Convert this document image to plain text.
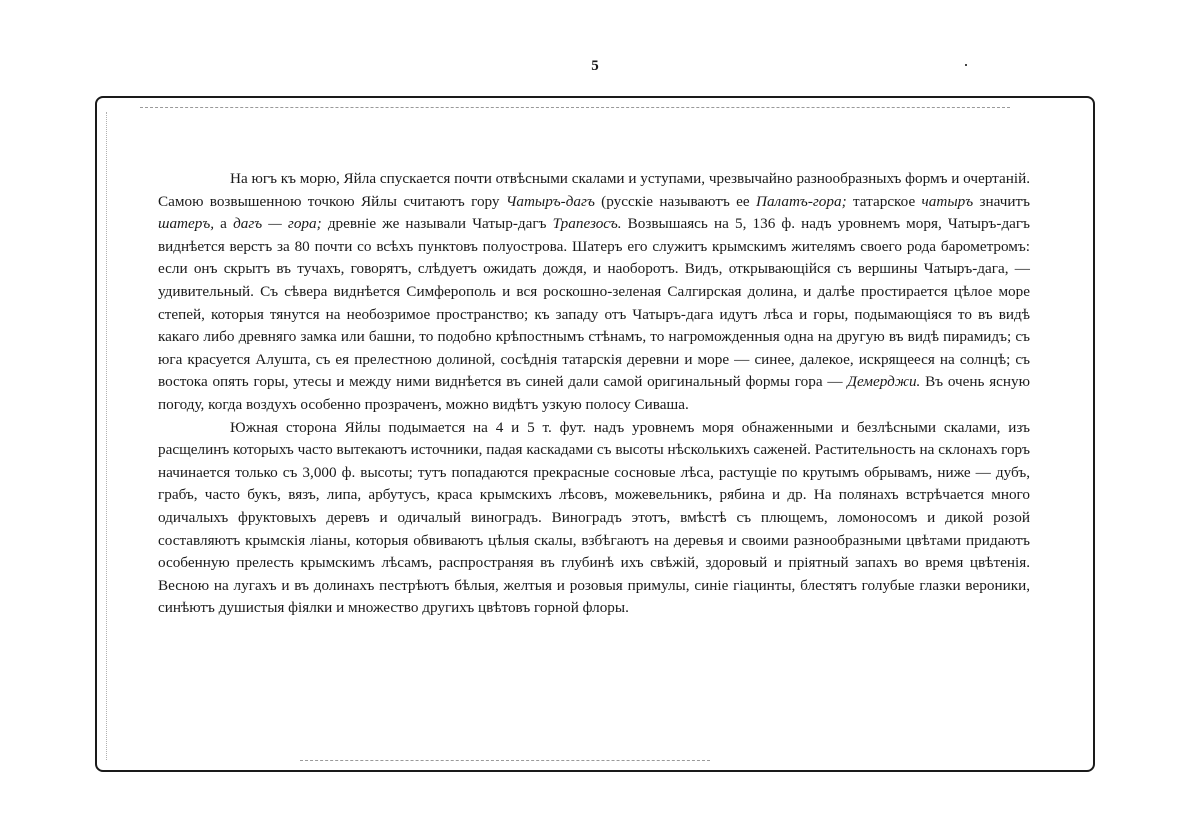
5

На югъ къ морю, Яйла спускается почти отвѣсными скалами и уступами, чрезвычайно разнообразныхъ формъ и очертаній. Самою возвышенною точкою Яйлы считаютъ гору Чатыръ-дагъ (русскіе называютъ ее Палатъ-гора; татарское чатыръ значитъ шатеръ, а дагъ — гора; древніе же называли Чатыр-дагъ Трапезосъ. Возвышаясь на 5, 136 ф. надъ уровнемъ моря, Чатыръ-дагъ виднѣется верстъ за 80 почти со всѣхъ пунктовъ полуострова. Шатеръ его служитъ крымскимъ жителямъ своего рода барометромъ: если онъ скрытъ въ тучахъ, говорятъ, слѣдуетъ ожидать дождя, и наоборотъ. Видъ, открывающійся съ вершины Чатыръ-дага, — удивительный. Съ сѣвера виднѣется Симферополь и вся роскошно-зеленая Салгирская долина, и далѣе простирается цѣлое море степей, которыя тянутся на необозримое пространство; къ западу отъ Чатыръ-дага идутъ лѣса и горы, подымающіяся то въ видѣ какаго либо древняго замка или башни, то подобно крѣпостнымъ стѣнамъ, то нагроможденныя одна на другую въ видѣ пирамидъ; съ юга красуется Алушта, съ ея прелестною долиной, сосѣднія татарскія деревни и море — синее, далекое, искрящееся на солнцѣ; съ востока опять горы, утесы и между ними виднѣется въ синей дали самой оригинальный формы гора — Демерджи. Въ очень ясную погоду, когда воздухъ особенно прозраченъ, можно видѣтъ узкую полосу Сиваша.

Южная сторона Яйлы подымается на 4 и 5 т. фут. надъ уровнемъ моря обнаженными и безлѣсными скалами, изъ расщелинъ которыхъ часто вытекаютъ источники, падая каскадами съ высоты нѣсколькихъ саженей. Растительность на склонахъ горъ начинается только съ 3,000 ф. высоты; тутъ попадаются прекрасные сосновые лѣса, растущіе по крутымъ обрывамъ, ниже — дубъ, грабъ, часто букъ, вязъ, липа, арбутусъ, краса крымскихъ лѣсовъ, можевельникъ, рябина и др. На полянахъ встрѣчается много одичалыхъ фруктовыхъ деревъ и одичалый виноградъ. Виноградъ этотъ, вмѣстѣ съ плющемъ, ломоносомъ и дикой розой составляютъ крымскія ліаны, которыя обвиваютъ цѣлыя скалы, взбѣгаютъ на деревья и своими разнообразными цвѣтами придаютъ особенную прелесть крымскимъ лѣсамъ, распространяя въ глубинѣ ихъ свѣжій, здоровый и пріятный запахъ во время цвѣтенія. Весною на лугахъ и въ долинахъ пестрѣютъ бѣлыя, желтыя и розовыя примулы, синіе гіацинты, блестятъ голубые глазки вероники, синѣютъ душистыя фіялки и множество другихъ цвѣтовъ горной флоры.
